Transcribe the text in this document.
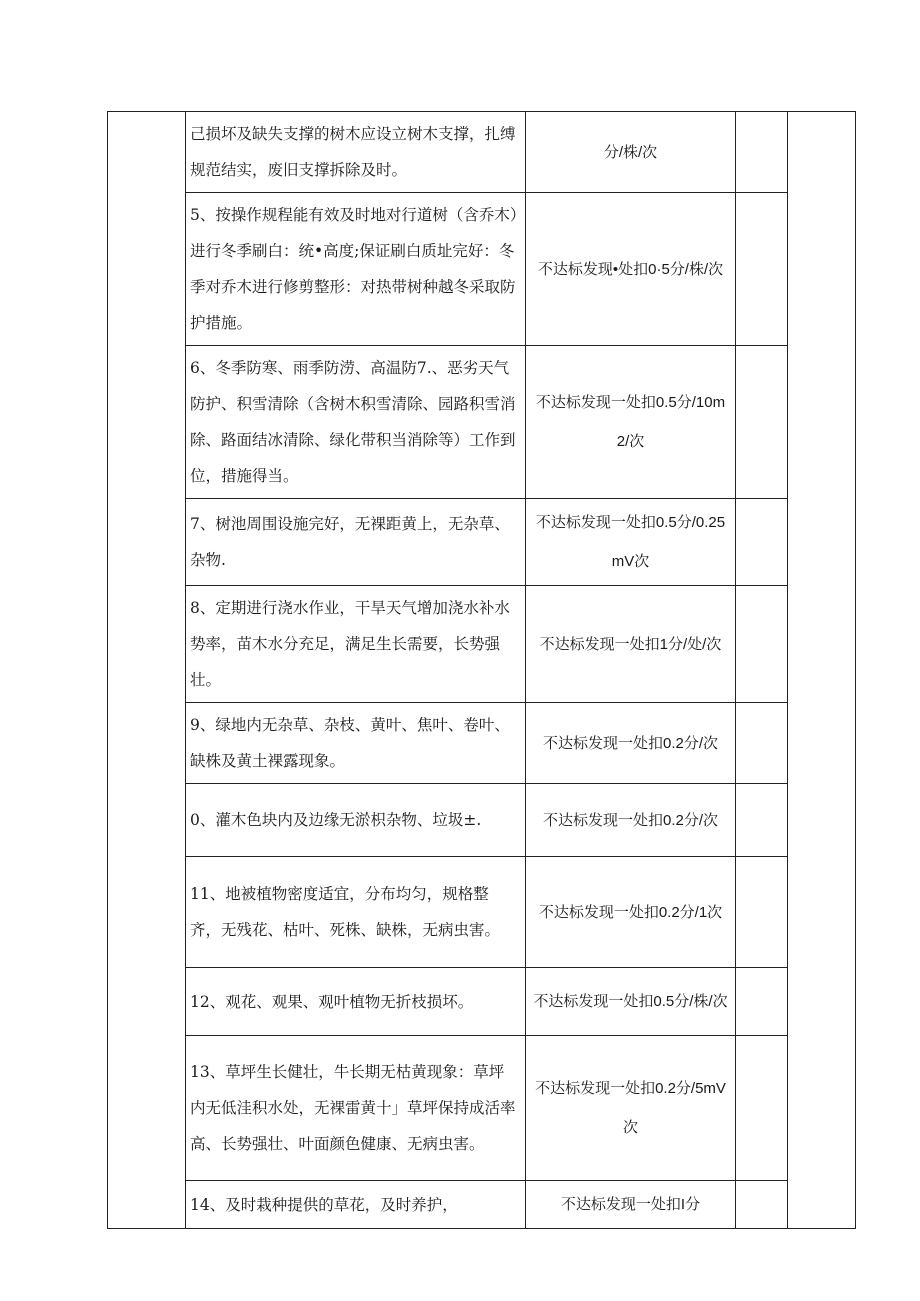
	己损坏及缺失支撑的树木应设立树木支撑，扎缚规范结实，废旧支撑拆除及时。	分/株/次		
	5、按操作规程能有效及时地对行道树（含乔木）进行冬季刷白：统•高度;保证刷白质址完好：冬季对乔木进行修剪整形：对热带树种越冬采取防护措施。	不达标发现•处扣0·5分/株/次		
	6、冬季防寒、雨季防涝、高温防7.、恶劣天气防护、积雪清除（含树木积雪清除、园路积雪消除、路面结冰清除、绿化带积当消除等）工作到位，措施得当。	不达标发现一处扣0.5分/10m2/次		
	7、树池周围设施完好，无裸距黄上，无杂草、杂物.	不达标发现一处扣0.5分/0.25mV次		
	8、定期进行浇水作业，干旱天气增加浇水补水势率，苗木水分充足，满足生长需要，长势强壮。	不达标发现一处扣1分/处/次		
	9、绿地内无杂草、杂枝、黄叶、焦叶、卷叶、缺株及黄土裸露现象。	不达标发现一处扣0.2分/次		
	0、灌木色块内及边缘无淤枳杂物、垃圾±.	不达标发现一处扣0.2分/次		
	11、地被植物密度适宜，分布均匀，规格整齐，无残花、枯叶、死株、缺株，无病虫害。	不达标发现一处扣0.2分/1次		
	12、观花、观果、观叶植物无折枝损坏。	不达标发现一处扣0.5分/株/次		
	13、草坪生长健壮，牛长期无枯黄现象：草坪内无低洼积水处，无裸雷黄十」草坪保持成活率高、长势强壮、叶面颜色健康、无病虫害。	不达标发现一处扣0.2分/5mV次		
	14、及时栽种提供的草花，及时养护，	不达标发现一处扣I分		
